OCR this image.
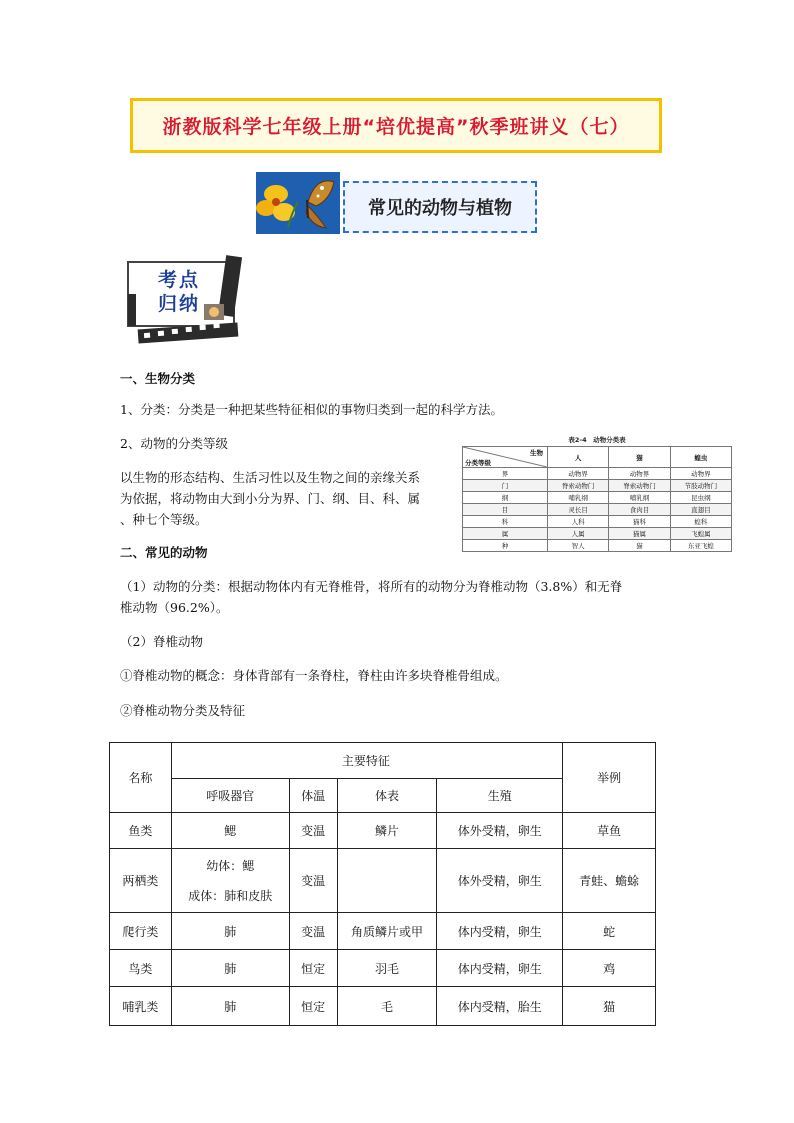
浙教版科学七年级上册“培优提高”秋季班讲义（七）
常见的动物与植物
考点
归纳
一、生物分类
1、分类：分类是一种把某些特征相似的事物归类到一起的科学方法。
2、动物的分类等级
以生物的形态结构、生活习性以及生物之间的亲缘关系
为依据，将动物由大到小分为界、门、纲、目、科、属
、种七个等级。
表2-4　动物分类表
生物
分类等级	人	猫	蝗虫
界	动物界	动物界	动物界
门	脊索动物门	脊索动物门	节肢动物门
纲	哺乳纲	哺乳纲	昆虫纲
目	灵长目	食肉目	直翅目
科	人科	猫科	蝗科
属	人属	猫属	飞蝗属
种	智人	猫	东亚飞蝗
二、常见的动物
（1）动物的分类：根据动物体内有无脊椎骨，将所有的动物分为脊椎动物（3.8%）和无脊
椎动物（96.2%）。
（2）脊椎动物
①脊椎动物的概念：身体背部有一条脊柱，脊柱由许多块脊椎骨组成。
②脊椎动物分类及特征
名称	主要特征				举例
	呼吸器官	体温	体表	生殖	
鱼类	鳃	变温	鳞片	体外受精，卵生	草鱼
两栖类	幼体：鳃
成体：肺和皮肤	变温		体外受精，卵生	青蛙、蟾蜍
爬行类	肺	变温	角质鳞片或甲	体内受精，卵生	蛇
鸟类	肺	恒定	羽毛	体内受精，卵生	鸡
哺乳类	肺	恒定	毛	体内受精，胎生	猫
